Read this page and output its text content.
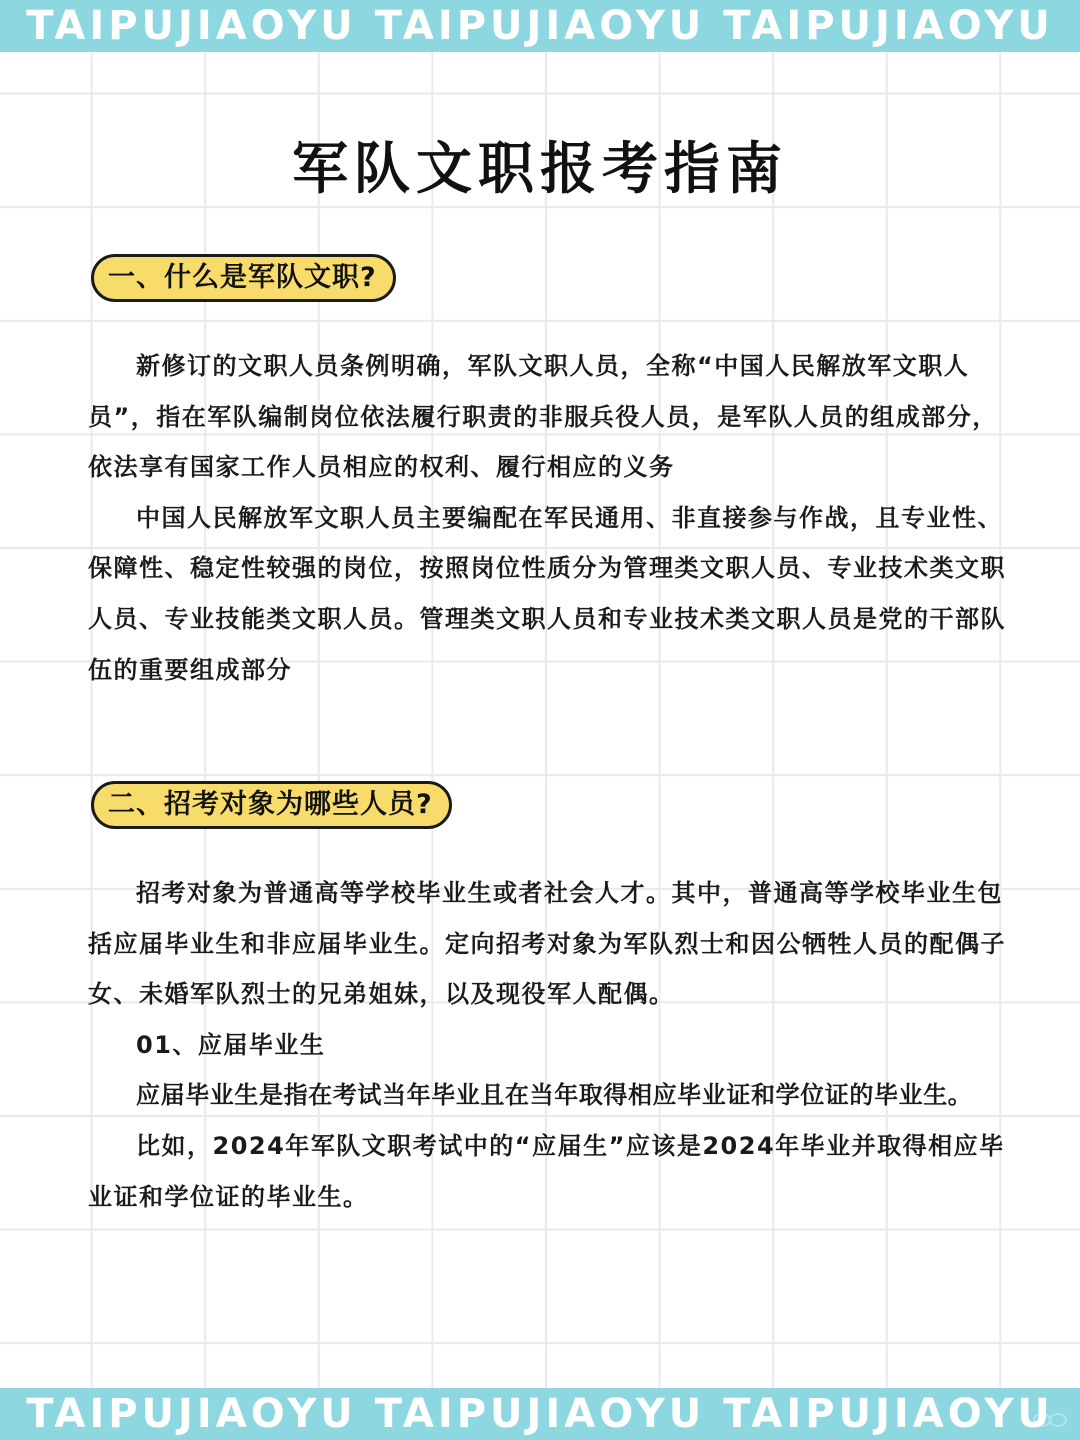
TAIPUJIAOYU TAIPUJIAOYU TAIPUJIAOYU
军队文职报考指南
一、什么是军队文职?

新修订的文职人员条例明确，军队文职人员，全称“中国人民解放军文职人员”，指在军队编制岗位依法履行职责的非服兵役人员，是军队人员的组成部分，依法享有国家工作人员相应的权利、履行相应的义务

中国人民解放军文职人员主要编配在军民通用、非直接参与作战，且专业性、保障性、稳定性较强的岗位，按照岗位性质分为管理类文职人员、专业技术类文职人员、专业技能类文职人员。管理类文职人员和专业技术类文职人员是党的干部队伍的重要组成部分

二、招考对象为哪些人员?

招考对象为普通高等学校毕业生或者社会人才。其中，普通高等学校毕业生包括应届毕业生和非应届毕业生。定向招考对象为军队烈士和因公牺牲人员的配偶子女、未婚军队烈士的兄弟姐妹，以及现役军人配偶。

01、应届毕业生

应届毕业生是指在考试当年毕业且在当年取得相应毕业证和学位证的毕业生。

比如，2024年军队文职考试中的“应届生”应该是2024年毕业并取得相应毕业证和学位证的毕业生。

TAIPUJIAOYU TAIPUJIAOYU TAIPUJIAOYU
